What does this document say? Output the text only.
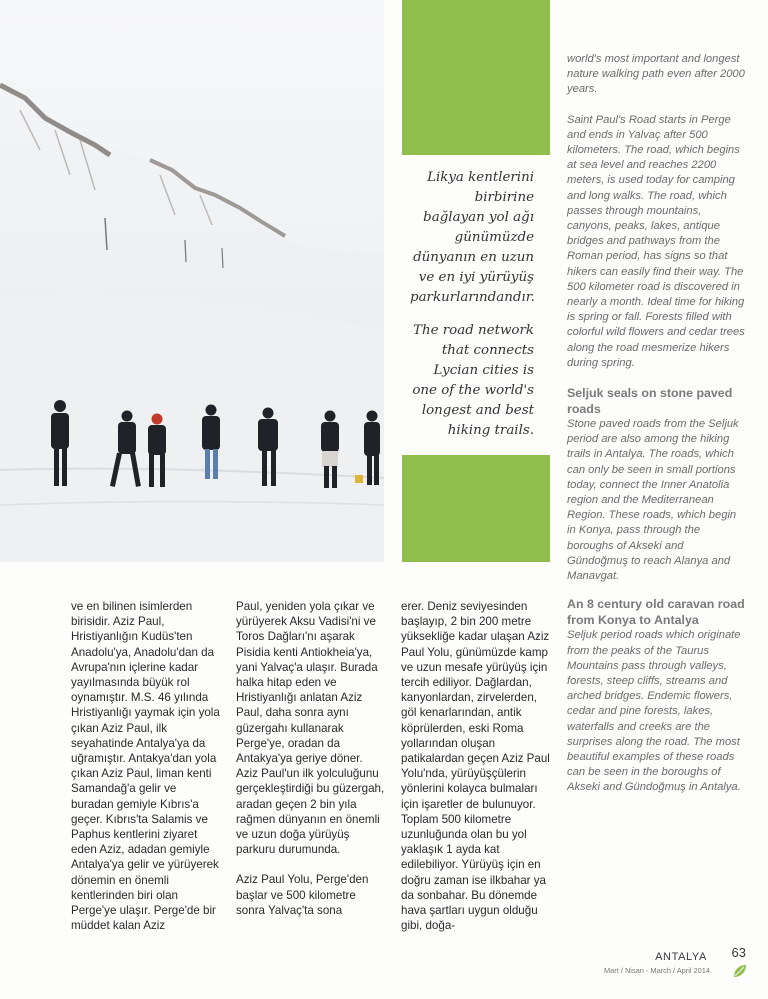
Likya kentlerini birbirine bağlayan yol ağı günümüzde dünyanın en uzun ve en iyi yürüyüş parkurlarındandır.
The road network that connects Lycian cities is one of the world's longest and best hiking trails.

world's most important and longest nature walking path even after 2000 years.

Saint Paul's Road starts in Perge and ends in Yalvaç after 500 kilometers. The road, which begins at sea level and reaches 2200 meters, is used today for camping and long walks. The road, which passes through mountains, canyons, peaks, lakes, antique bridges and pathways from the Roman period, has signs so that hikers can easily find their way. The 500 kilometer road is discovered in nearly a month. Ideal time for hiking is spring or fall. Forests filled with colorful wild flowers and cedar trees along the road mesmerize hikers during spring.

Seljuk seals on stone paved roads

Stone paved roads from the Seljuk period are also among the hiking trails in Antalya. The roads, which can only be seen in small portions today, connect the Inner Anatolia region and the Mediterranean Region. These roads, which begin in Konya, pass through the boroughs of Akseki and Gündoğmuş to reach Alanya and Manavgat.

An 8 century old caravan road from Konya to Antalya

Seljuk period roads which originate from the peaks of the Taurus Mountains pass through valleys, forests, steep cliffs, streams and arched bridges. Endemic flowers, cedar and pine forests, lakes, waterfalls and creeks are the surprises along the road. The most beautiful examples of these roads can be seen in the boroughs of Akseki and Gündoğmuş in Antalya.

ve en bilinen isimlerden birisidir. Aziz Paul, Hristiyanlığın Kudüs'ten Anadolu'ya, Anadolu'dan da Avrupa'nın içlerine kadar yayılmasında büyük rol oynamıştır. M.S. 46 yılında Hristiyanlığı yaymak için yola çıkan Aziz Paul, ilk seyahatinde Antalya'ya da uğramıştır. Antakya'dan yola çıkan Aziz Paul, liman kenti Samandağ'a gelir ve buradan gemiyle Kıbrıs'a geçer. Kıbrıs'ta Salamis ve Paphus kentlerini ziyaret eden Aziz, adadan gemiyle Antalya'ya gelir ve yürüyerek dönemin en önemli kentlerinden biri olan Perge'ye ulaşır. Perge'de bir müddet kalan Aziz

Paul, yeniden yola çıkar ve yürüyerek Aksu Vadisi'ni ve Toros Dağları'nı aşarak Pisidia kenti Antiokheia'ya, yani Yalvaç'a ulaşır. Burada halka hitap eden ve Hristiyanlığı anlatan Aziz Paul, daha sonra aynı güzergahı kullanarak Perge'ye, oradan da Antakya'ya geriye döner. Aziz Paul'un ilk yolculuğunu gerçekleştirdiği bu güzergah, aradan geçen 2 bin yıla rağmen dünyanın en önemli ve uzun doğa yürüyüş parkuru durumunda.

Aziz Paul Yolu, Perge'den başlar ve 500 kilometre sonra Yalvaç'ta sona

erer. Deniz seviyesinden başlayıp, 2 bin 200 metre yüksekliğe kadar ulaşan Aziz Paul Yolu, günümüzde kamp ve uzun mesafe yürüyüş için tercih ediliyor. Dağlardan, kanyonlardan, zirvelerden, göl kenarlarından, antik köprülerden, eski Roma yollarından oluşan patikalardan geçen Aziz Paul Yolu'nda, yürüyüşçülerin yönlerini kolayca bulmaları için işaretler de bulunuyor. Toplam 500 kilometre uzunluğunda olan bu yol yaklaşık 1 ayda kat edilebiliyor. Yürüyüş için en doğru zaman ise ilkbahar ya da sonbahar. Bu dönemde hava şartları uygun olduğu gibi, doğa-

ANTALYA 63
Mart / Nisan - March / April 2014
